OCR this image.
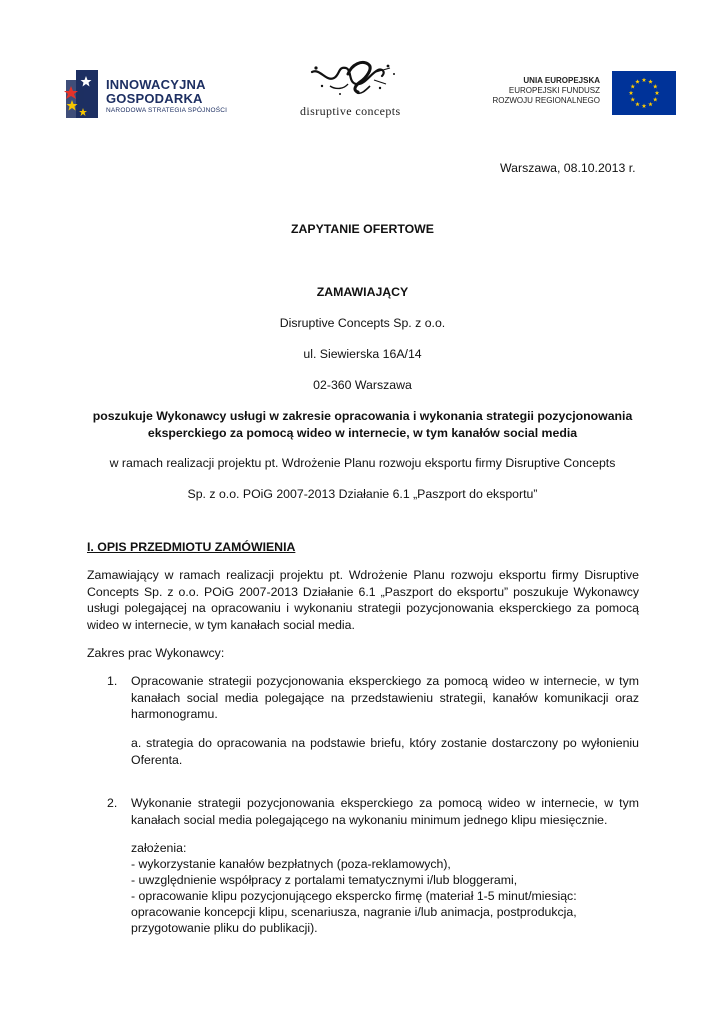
INNOWACYJNA
GOSPODARKA
NARODOWA STRATEGIA SPÓJNOŚCI	disruptive concepts
UNIA EUROPEJSKA
EUROPEJSKI FUNDUSZ
ROZWOJU REGIONALNEGO
Warszawa, 08.10.2013 r.
ZAPYTANIE OFERTOWE
ZAMAWIAJĄCY
Disruptive Concepts Sp. z o.o.
ul. Siewierska 16A/14
02-360 Warszawa
poszukuje Wykonawcy usługi w zakresie opracowania i wykonania strategii pozycjonowania
eksperckiego za pomocą wideo w internecie, w tym kanałów social media
w ramach realizacji projektu pt. Wdrożenie Planu rozwoju eksportu firmy Disruptive Concepts
Sp. z o.o. POiG 2007-2013 Działanie 6.1 „Paszport do eksportu”
I. OPIS PRZEDMIOTU ZAMÓWIENIA
Zamawiający w ramach realizacji projektu pt. Wdrożenie Planu rozwoju eksportu firmy Disruptive Concepts Sp. z o.o. POiG 2007-2013 Działanie 6.1 „Paszport do eksportu” poszukuje Wykonawcy usługi polegającej na opracowaniu i wykonaniu strategii pozycjonowania eksperckiego za pomocą wideo w internecie, w tym kanałach social media.
Zakres prac Wykonawcy:
1. Opracowanie strategii pozycjonowania eksperckiego za pomocą wideo w internecie, w tym kanałach social media polegające na przedstawieniu strategii, kanałów komunikacji oraz harmonogramu.
a. strategia do opracowania na podstawie briefu, który zostanie dostarczony po wyłonieniu Oferenta.
2. Wykonanie strategii pozycjonowania eksperckiego za pomocą wideo w internecie, w tym kanałach social media polegającego na wykonaniu minimum jednego klipu miesięcznie.
założenia:
- wykorzystanie kanałów bezpłatnych (poza-reklamowych),
- uwzględnienie współpracy z portalami tematycznymi i/lub bloggerami,
- opracowanie klipu pozycjonującego ekspercko firmę (materiał 1-5 minut/miesiąc:
opracowanie koncepcji klipu, scenariusza, nagranie i/lub animacja, postprodukcja,
przygotowanie pliku do publikacji).
